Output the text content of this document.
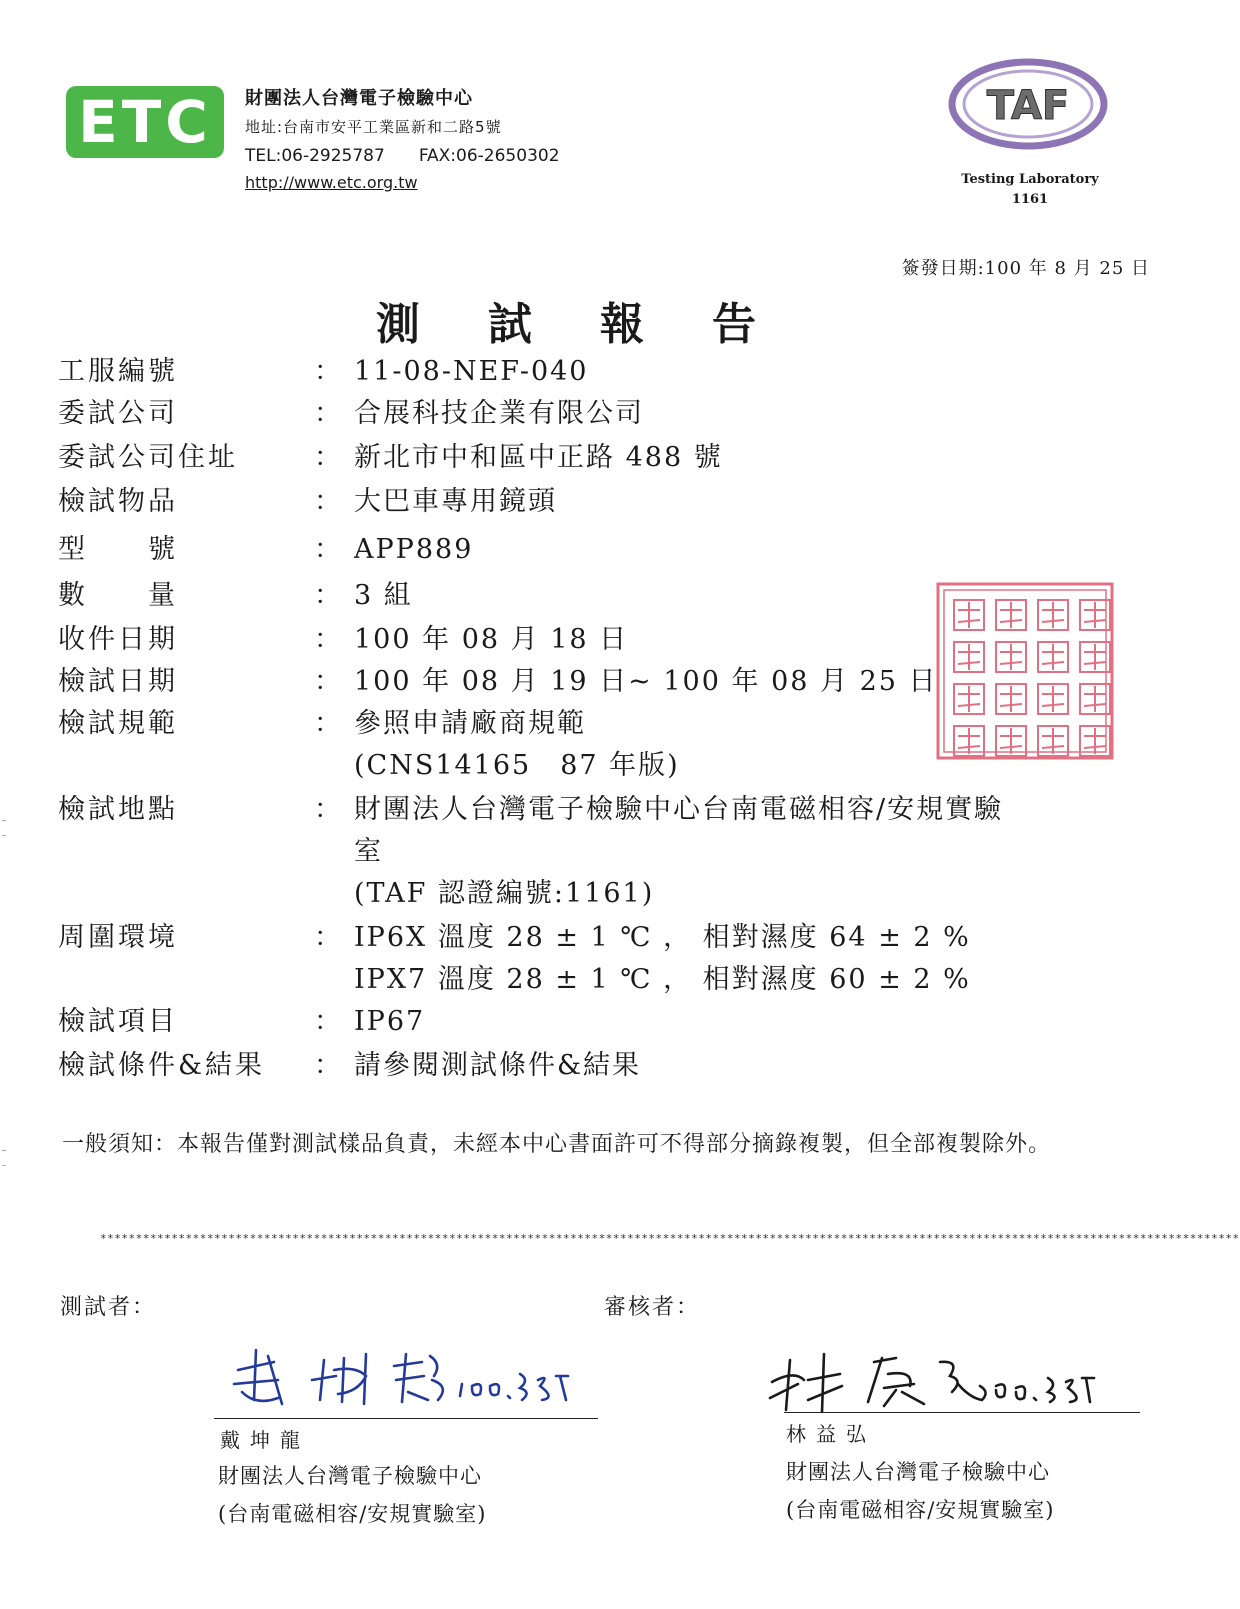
ETC	財團法人台灣電子檢驗中心
地址:台南市安平工業區新和二路5號
TEL:06-2925787 FAX:06-2650302
http://www.etc.org.tw
TAF
Testing Laboratory
1161
簽發日期:100 年 8 月 25 日
測試報告
工服編號	： 11-08-NEF-040
委試公司	： 合展科技企業有限公司
委試公司住址	： 新北市中和區中正路 488 號
檢試物品	： 大巴車專用鏡頭
型　　號	： APP889
數　　量	： 3 組
收件日期	： 100 年 08 月 18 日
檢試日期	： 100 年 08 月 19 日~ 100 年 08 月 25 日
檢試規範	： 參照申請廠商規範
(CNS14165　87 年版)
檢試地點	： 財團法人台灣電子檢驗中心台南電磁相容/安規實驗
室
(TAF 認證編號:1161)
周圍環境	： IP6X 溫度 28 ± 1 ℃ ， 相對濕度 64 ± 2 %
IPX7 溫度 28 ± 1 ℃ ， 相對濕度 60 ± 2 %
檢試項目	： IP67
檢試條件&結果	： 請參閱測試條件&結果
一般須知：本報告僅對測試樣品負責，未經本中心書面許可不得部分摘錄複製，但全部複製除外。
****************************************************************************************************************************************************************
測試者：	審核者：
戴坤龍
財團法人台灣電子檢驗中心
(台南電磁相容/安規實驗室)
林益弘
財團法人台灣電子檢驗中心
(台南電磁相容/安規實驗室)
